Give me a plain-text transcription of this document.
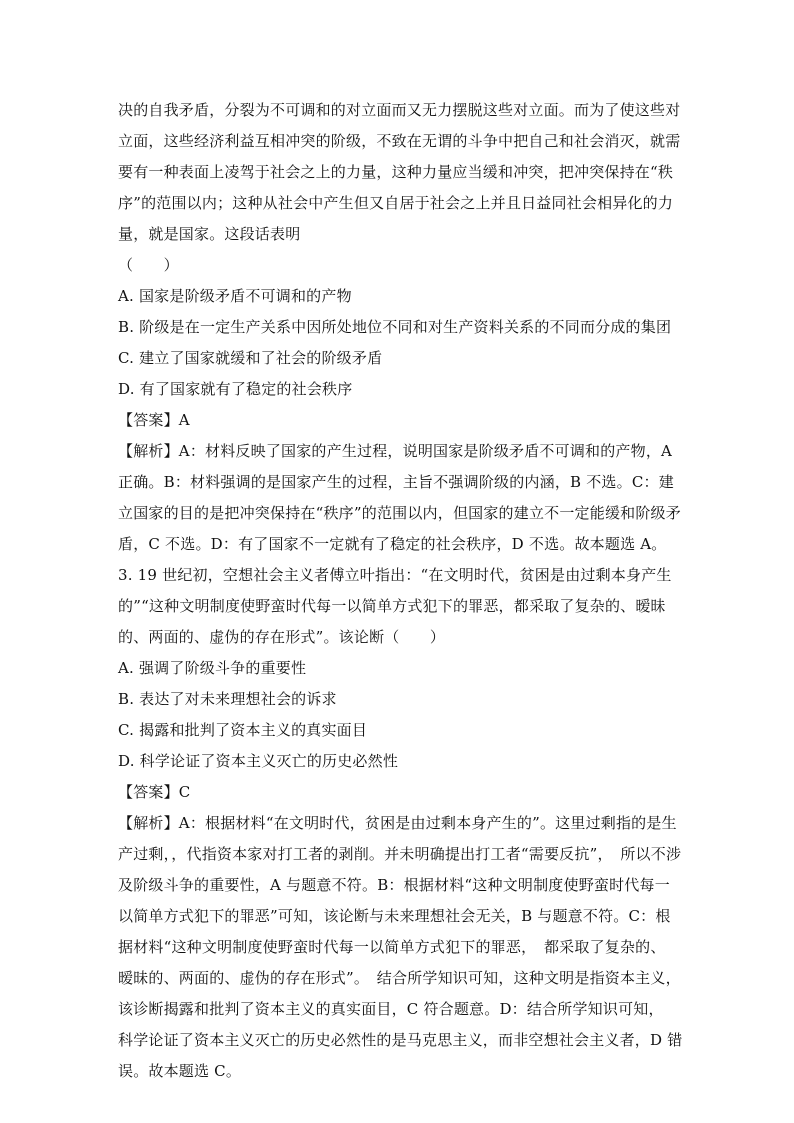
决的自我矛盾，分裂为不可调和的对立面而又无力摆脱这些对立面。而为了使这些对立面，这些经济利益互相冲突的阶级，不致在无谓的斗争中把自己和社会消灭，就需要有一种表面上凌驾于社会之上的力量，这种力量应当缓和冲突，把冲突保持在“秩序”的范围以内；这种从社会中产生但又自居于社会之上并且日益同社会相异化的力量，就是国家。这段话表明
（　　）

A. 国家是阶级矛盾不可调和的产物

B. 阶级是在一定生产关系中因所处地位不同和对生产资料关系的不同而分成的集团

C. 建立了国家就缓和了社会的阶级矛盾

D. 有了国家就有了稳定的社会秩序

【答案】A

【解析】A：材料反映了国家的产生过程，说明国家是阶级矛盾不可调和的产物，A 正确。B：材料强调的是国家产生的过程，主旨不强调阶级的内涵，B 不选。C：建立国家的目的是把冲突保持在“秩序”的范围以内，但国家的建立不一定能缓和阶级矛盾，C 不选。D：有了国家不一定就有了稳定的社会秩序，D 不选。故本题选 A。

3. 19 世纪初，空想社会主义者傅立叶指出：“在文明时代，贫困是由过剩本身产生的”“这种文明制度使野蛮时代每一以简单方式犯下的罪恶，都采取了复杂的、暧昧的、两面的、虚伪的存在形式”。该论断（　　）

A. 强调了阶级斗争的重要性

B. 表达了对未来理想社会的诉求

C. 揭露和批判了资本主义的真实面目

D. 科学论证了资本主义灭亡的历史必然性

【答案】C

【解析】A：根据材料“在文明时代，贫困是由过剩本身产生的”。这里过剩指的是生产过剩，，代指资本家对打工者的剥削。并未明确提出打工者“需要反抗”，　所以不涉及阶级斗争的重要性，A 与题意不符。B：根据材料“这种文明制度使野蛮时代每一以简单方式犯下的罪恶”可知，该论断与未来理想社会无关，B 与题意不符。C：根据材料“这种文明制度使野蛮时代每一以简单方式犯下的罪恶，　都采取了复杂的、　暧昧的、两面的、虚伪的存在形式”。　结合所学知识可知，这种文明是指资本主义，　该诊断揭露和批判了资本主义的真实面目，C 符合题意。D：结合所学知识可知，　科学论证了资本主义灭亡的历史必然性的是马克思主义，而非空想社会主义者，D 错误。故本题选 C。
